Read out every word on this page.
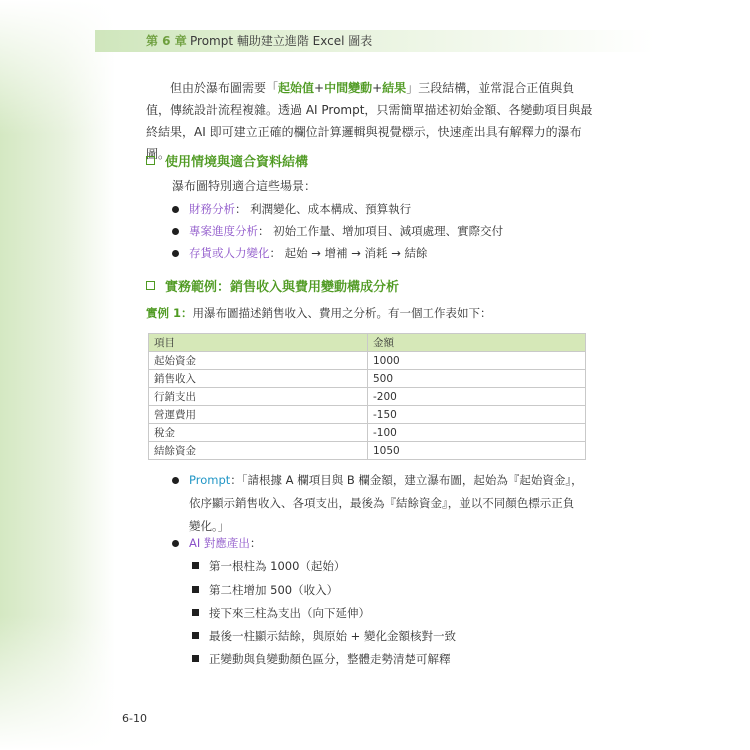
第 6 章 Prompt 輔助建立進階 Excel 圖表
但由於瀑布圖需要「起始值+中間變動+結果」三段結構，並常混合正值與負值，傳統設計流程複雜。透過 AI Prompt，只需簡單描述初始金額、各變動項目與最終結果，AI 即可建立正確的欄位計算邏輯與視覺標示，快速產出具有解釋力的瀑布圖。
使用情境與適合資料結構
瀑布圖特別適合這些場景：
財務分析： 利潤變化、成本構成、預算執行
專案進度分析： 初始工作量、增加項目、減項處理、實際交付
存貨或人力變化： 起始 → 增補 → 消耗 → 結餘
實務範例：銷售收入與費用變動構成分析
實例 1：用瀑布圖描述銷售收入、費用之分析。有一個工作表如下：
項目	金額
起始資金	1000
銷售收入	500
行銷支出	-200
營運費用	-150
稅金	-100
結餘資金	1050
Prompt：「請根據 A 欄項目與 B 欄金額，建立瀑布圖，起始為『起始資金』，
依序顯示銷售收入、各項支出，最後為『結餘資金』，並以不同顏色標示正負
變化。」
AI 對應產出：
第一根柱為 1000（起始）
第二柱增加 500（收入）
接下來三柱為支出（向下延伸）
最後一柱顯示結餘，與原始 + 變化金額核對一致
正變動與負變動顏色區分，整體走勢清楚可解釋
6-10
